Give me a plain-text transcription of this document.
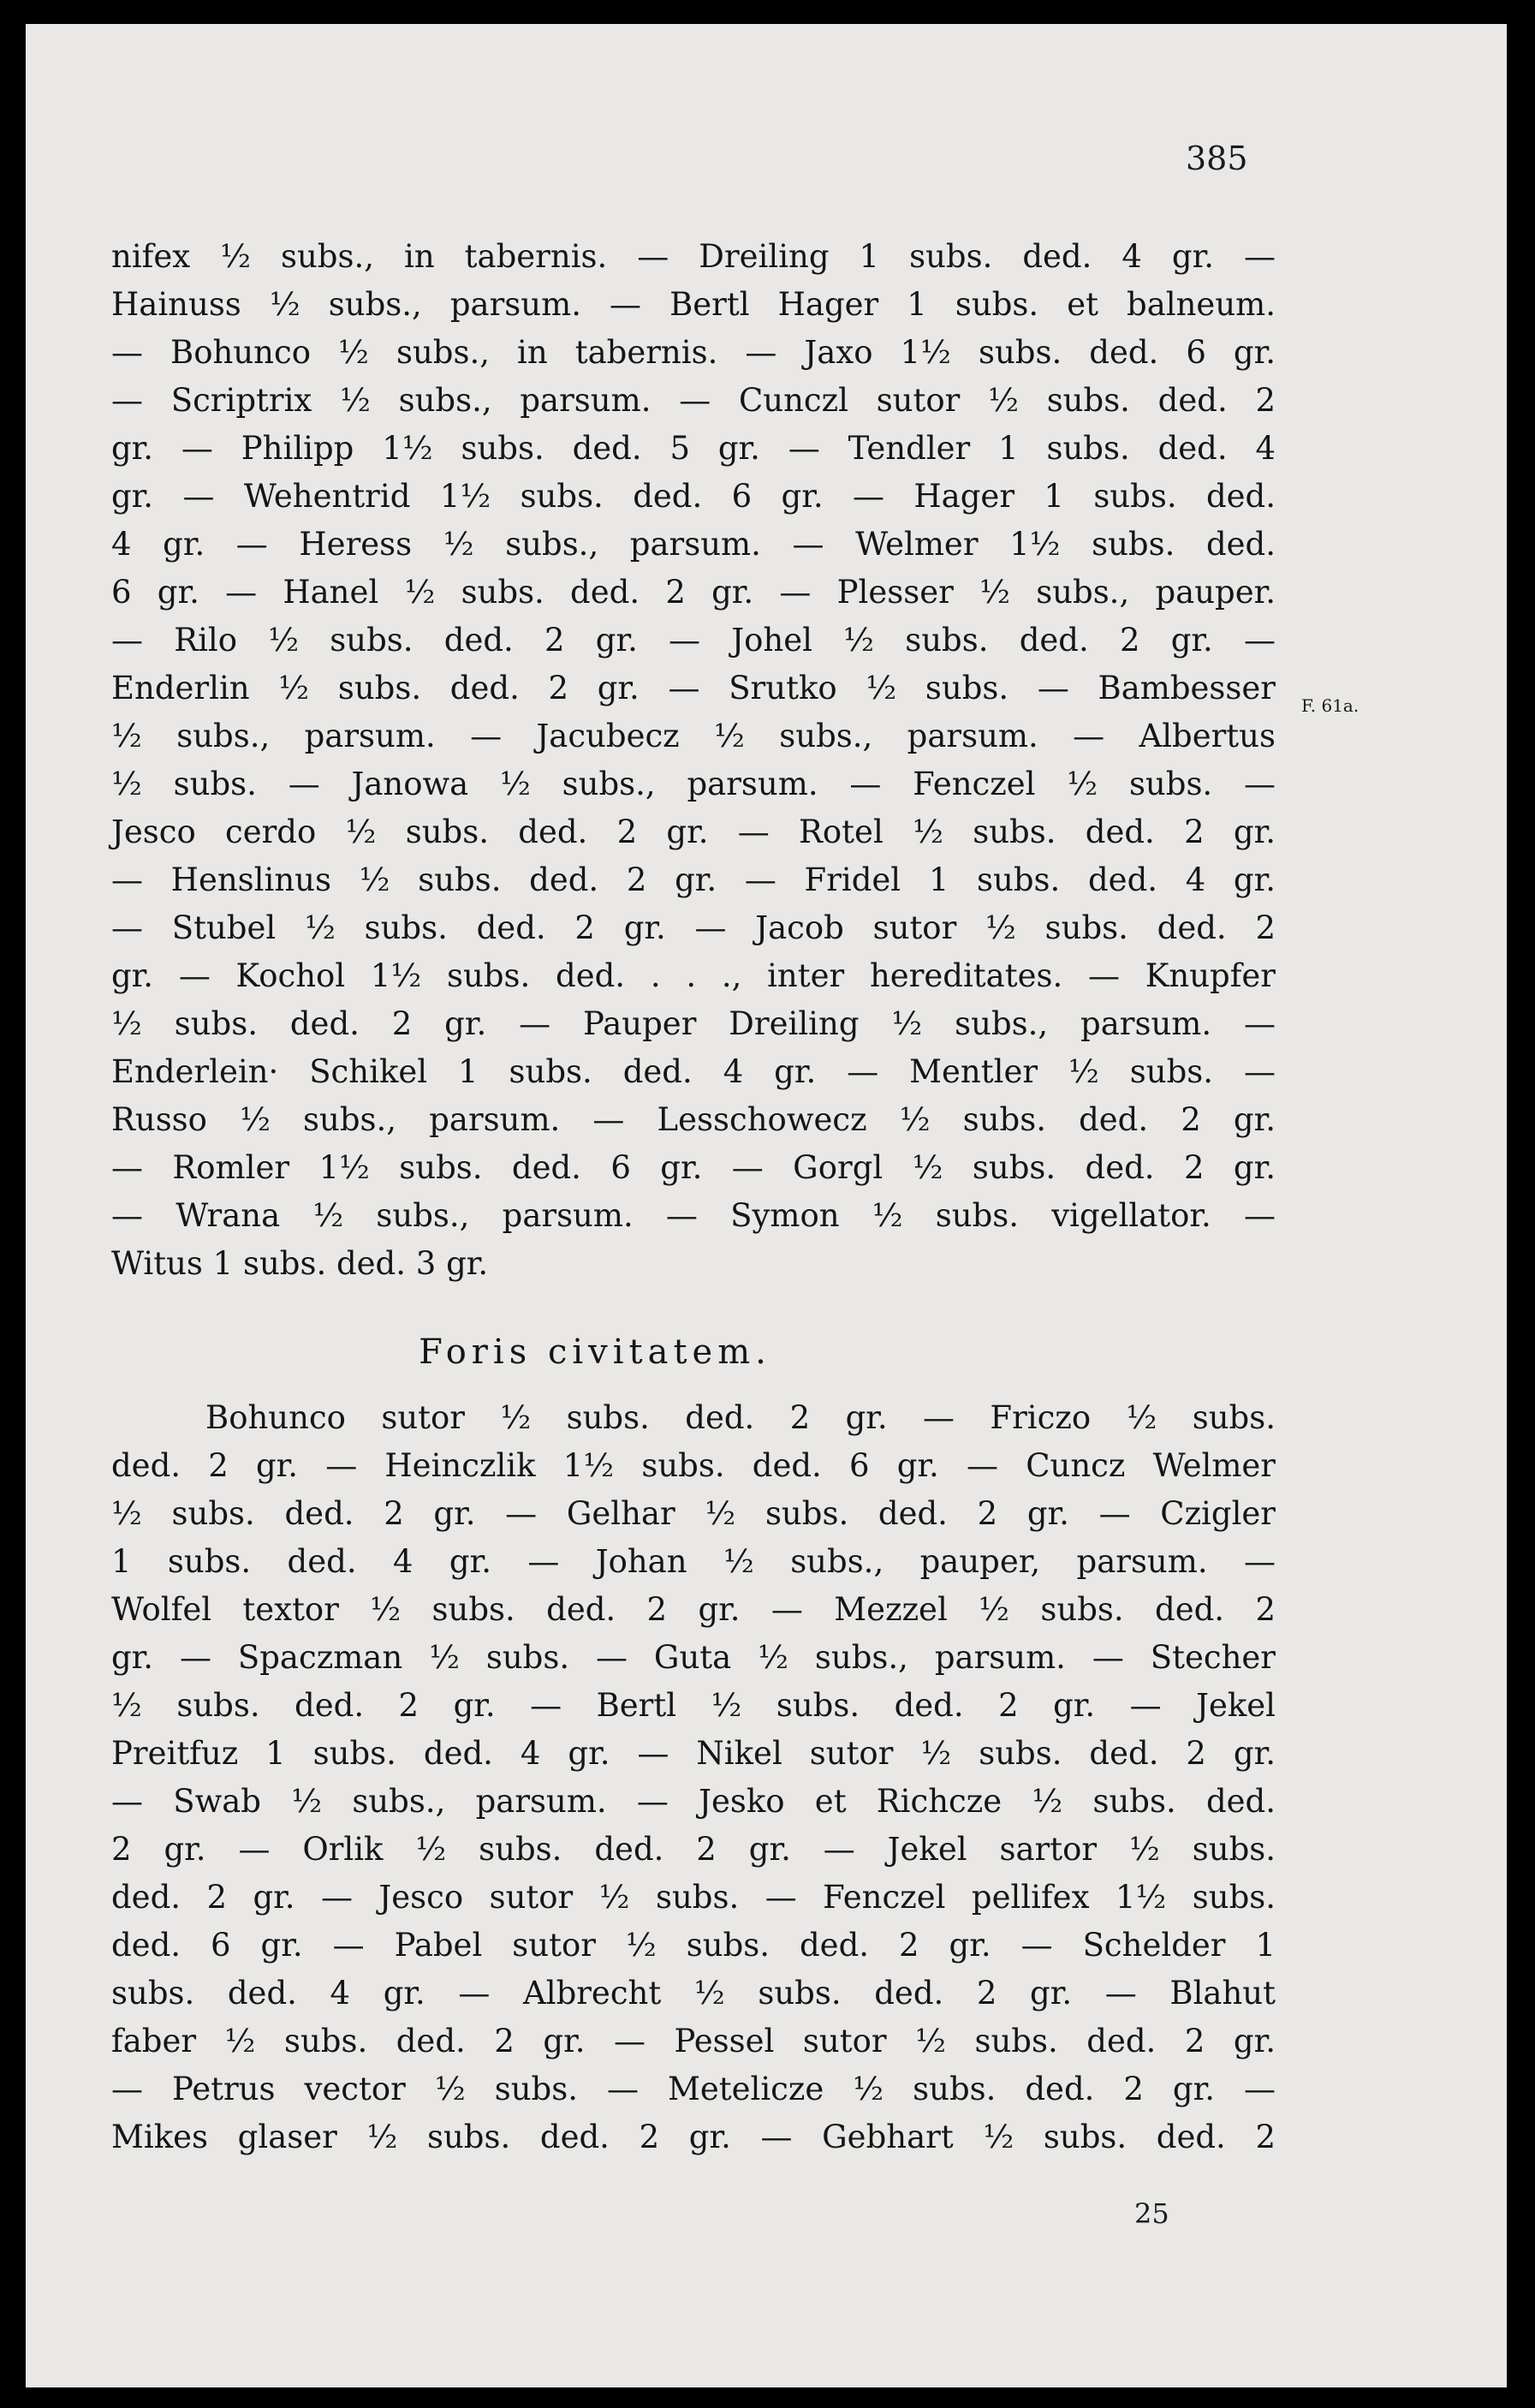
385
nifex ½ subs., in tabernis. — Dreiling 1 subs. ded. 4 gr. —
Hainuss ½ subs., parsum. — Bertl Hager 1 subs. et balneum.
— Bohunco ½ subs., in tabernis. — Jaxo 1½ subs. ded. 6 gr.
— Scriptrix ½ subs., parsum. — Cunczl sutor ½ subs. ded. 2
gr. — Philipp 1½ subs. ded. 5 gr. — Tendler 1 subs. ded. 4
gr. — Wehentrid 1½ subs. ded. 6 gr. — Hager 1 subs. ded.
4 gr. — Heress ½ subs., parsum. — Welmer 1½ subs. ded.
6 gr. — Hanel ½ subs. ded. 2 gr. — Plesser ½ subs., pauper.
— Rilo ½ subs. ded. 2 gr. — Johel ½ subs. ded. 2 gr. —
Enderlin ½ subs. ded. 2 gr. — Srutko ½ subs. — Bambesser
½ subs., parsum. — Jacubecz ½ subs., parsum. — Albertus
½ subs. — Janowa ½ subs., parsum. — Fenczel ½ subs. —
Jesco cerdo ½ subs. ded. 2 gr. — Rotel ½ subs. ded. 2 gr.
— Henslinus ½ subs. ded. 2 gr. — Fridel 1 subs. ded. 4 gr.
— Stubel ½ subs. ded. 2 gr. — Jacob sutor ½ subs. ded. 2
gr. — Kochol 1½ subs. ded. . . ., inter hereditates. — Knupfer
½ subs. ded. 2 gr. — Pauper Dreiling ½ subs., parsum. —
Enderlein· Schikel 1 subs. ded. 4 gr. — Mentler ½ subs. —
Russo ½ subs., parsum. — Lesschowecz ½ subs. ded. 2 gr.
— Romler 1½ subs. ded. 6 gr. — Gorgl ½ subs. ded. 2 gr.
— Wrana ½ subs., parsum. — Symon ½ subs. vigellator. —
Witus 1 subs. ded. 3 gr.
F. 61a.
Foris civitatem.
Bohunco sutor ½ subs. ded. 2 gr. — Friczo ½ subs.
ded. 2 gr. — Heinczlik 1½ subs. ded. 6 gr. — Cuncz Welmer
½ subs. ded. 2 gr. — Gelhar ½ subs. ded. 2 gr. — Czigler
1 subs. ded. 4 gr. — Johan ½ subs., pauper, parsum. —
Wolfel textor ½ subs. ded. 2 gr. — Mezzel ½ subs. ded. 2
gr. — Spaczman ½ subs. — Guta ½ subs., parsum. — Stecher
½ subs. ded. 2 gr. — Bertl ½ subs. ded. 2 gr. — Jekel
Preitfuz 1 subs. ded. 4 gr. — Nikel sutor ½ subs. ded. 2 gr.
— Swab ½ subs., parsum. — Jesko et Richcze ½ subs. ded.
2 gr. — Orlik ½ subs. ded. 2 gr. — Jekel sartor ½ subs.
ded. 2 gr. — Jesco sutor ½ subs. — Fenczel pellifex 1½ subs.
ded. 6 gr. — Pabel sutor ½ subs. ded. 2 gr. — Schelder 1
subs. ded. 4 gr. — Albrecht ½ subs. ded. 2 gr. — Blahut
faber ½ subs. ded. 2 gr. — Pessel sutor ½ subs. ded. 2 gr.
— Petrus vector ½ subs. — Metelicze ½ subs. ded. 2 gr. —
Mikes glaser ½ subs. ded. 2 gr. — Gebhart ½ subs. ded. 2
25
